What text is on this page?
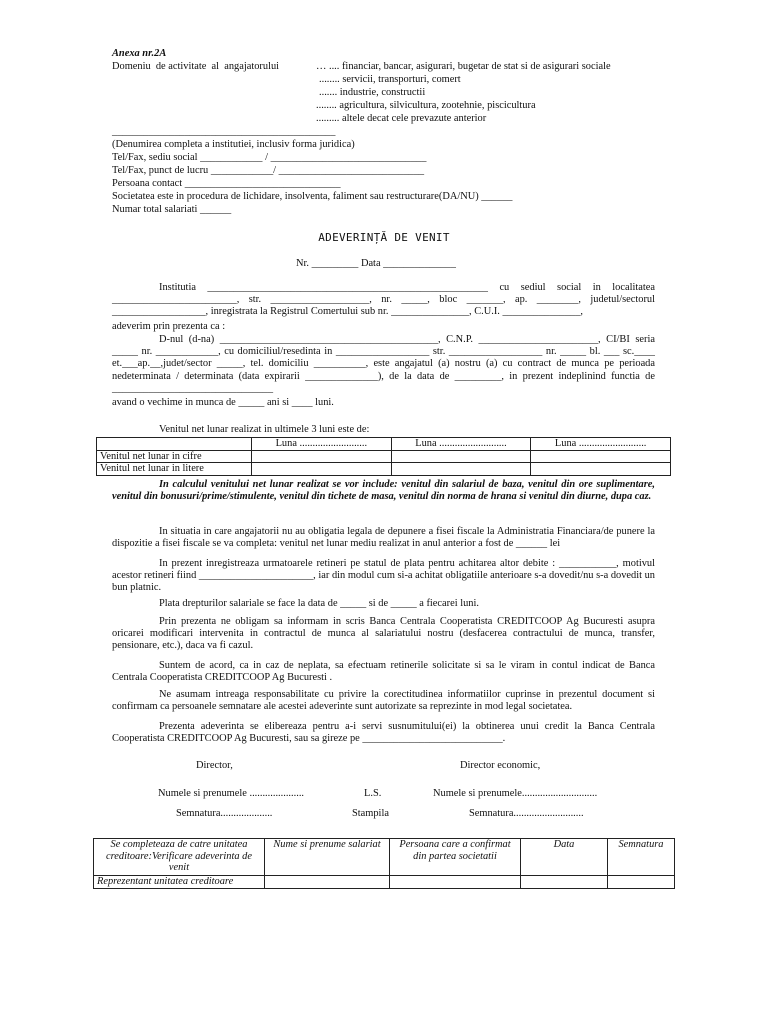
Anexa nr.2A
Domeniu  de activitate  al  angajatorului	… .... financiar, bancar, asigurari, bugetar de stat si de asigurari sociale
........ servicii, transporturi, comert
....... industrie, constructii
........ agricultura, silvicultura, zootehnie, piscicultura
......... altele decat cele prevazute anterior
___________________________________________
(Denumirea completa a institutiei, inclusiv forma juridica)
Tel/Fax, sediu social ____________ / ______________________________
Tel/Fax, punct de lucru ____________/ ____________________________
Persoana contact ______________________________
Societatea este in procedura de lichidare, insolventa, faliment sau restructurare(DA/NU) ______
Numar total salariati ______
ADEVERINȚĂ DE VENIT
Nr. _________ Data ______________
Institutia ______________________________________________________ cu sediul social in localitatea ________________________, str. ___________________, nr. _____, bloc _______, ap. ________, judetul/sectorul __________________, inregistrata la Registrul Comertului sub nr. _______________, C.U.I. _______________,
adeverim prin prezenta ca :
D-nul (d-na) __________________________________________, C.N.P. _______________________, CI/BI seria _____ nr. ____________, cu domiciliul/resedinta in __________________ str. __________________ nr. _____ bl. ___ sc.____ et.___ap.__,judet/sector _____, tel. domiciliu __________, este angajatul (a) nostru (a) cu contract de munca pe perioada nedeterminata / determinata (data expirarii ______________), de la data de _________, in prezent indeplinind functia de _______________________________
avand o vechime in munca de _____ ani si ____ luni.
Venitul net lunar realizat in ultimele 3 luni este de:
	Luna ..........................	Luna ..........................	Luna ..........................
Venitul net lunar in cifre			
Venitul net lunar in litere			
In calculul venitului net lunar realizat se vor include: venitul din salariul de baza, venitul din ore suplimentare, venitul din bonusuri/prime/stimulente, venitul din tichete de masa, venitul din norma de hrana si venitul din diurne, dupa caz.
In situatia in care angajatorii nu au obligatia legala de depunere a fisei fiscale la Administratia Financiara/de punere la dispozitie a fisei fiscale se va completa: venitul net lunar mediu realizat in anul anterior a fost de ______ lei
In prezent inregistreaza urmatoarele retineri pe statul de plata pentru achitarea altor debite : ___________, motivul acestor retineri fiind ______________________, iar din modul cum si-a achitat obligatiile anterioare s-a dovedit/nu s-a dovedit un bun platnic.
Plata drepturilor salariale se face la data de _____ si de _____ a fiecarei luni.
Prin prezenta ne obligam sa informam in scris Banca Centrala Cooperatista CREDITCOOP Ag Bucuresti asupra oricarei modificari intervenita in contractul de munca al salariatului nostru (desfacerea contractului de munca, transfer, pensionare, etc.), daca va fi cazul.
Suntem de acord, ca in caz de neplata, sa efectuam retinerile solicitate si sa le viram in contul indicat de Banca Centrala Cooperatista CREDITCOOP Ag Bucuresti .
Ne asumam intreaga responsabilitate cu privire la corectitudinea informatiilor cuprinse in prezentul document si confirmam ca persoanele semnatare ale acestei adeverinte sunt autorizate sa reprezinte in mod legal societatea.
Prezenta adeverinta se elibereaza pentru a-i servi susnumitului(ei) la obtinerea unui credit la Banca Centrala Cooperatista CREDITCOOP Ag Bucuresti, sau sa gireze pe ___________________________.
Director,	Director economic,
Numele si prenumele .....................	L.S.	Numele si prenumele.............................
Semnatura....................	Stampila	Semnatura...........................
Se completeaza de catre unitatea creditoare:Verificare adeverinta de venit	Nume si prenume salariat	Persoana care a confirmat din partea societatii	Data	Semnatura
Reprezentant unitatea creditoare				
